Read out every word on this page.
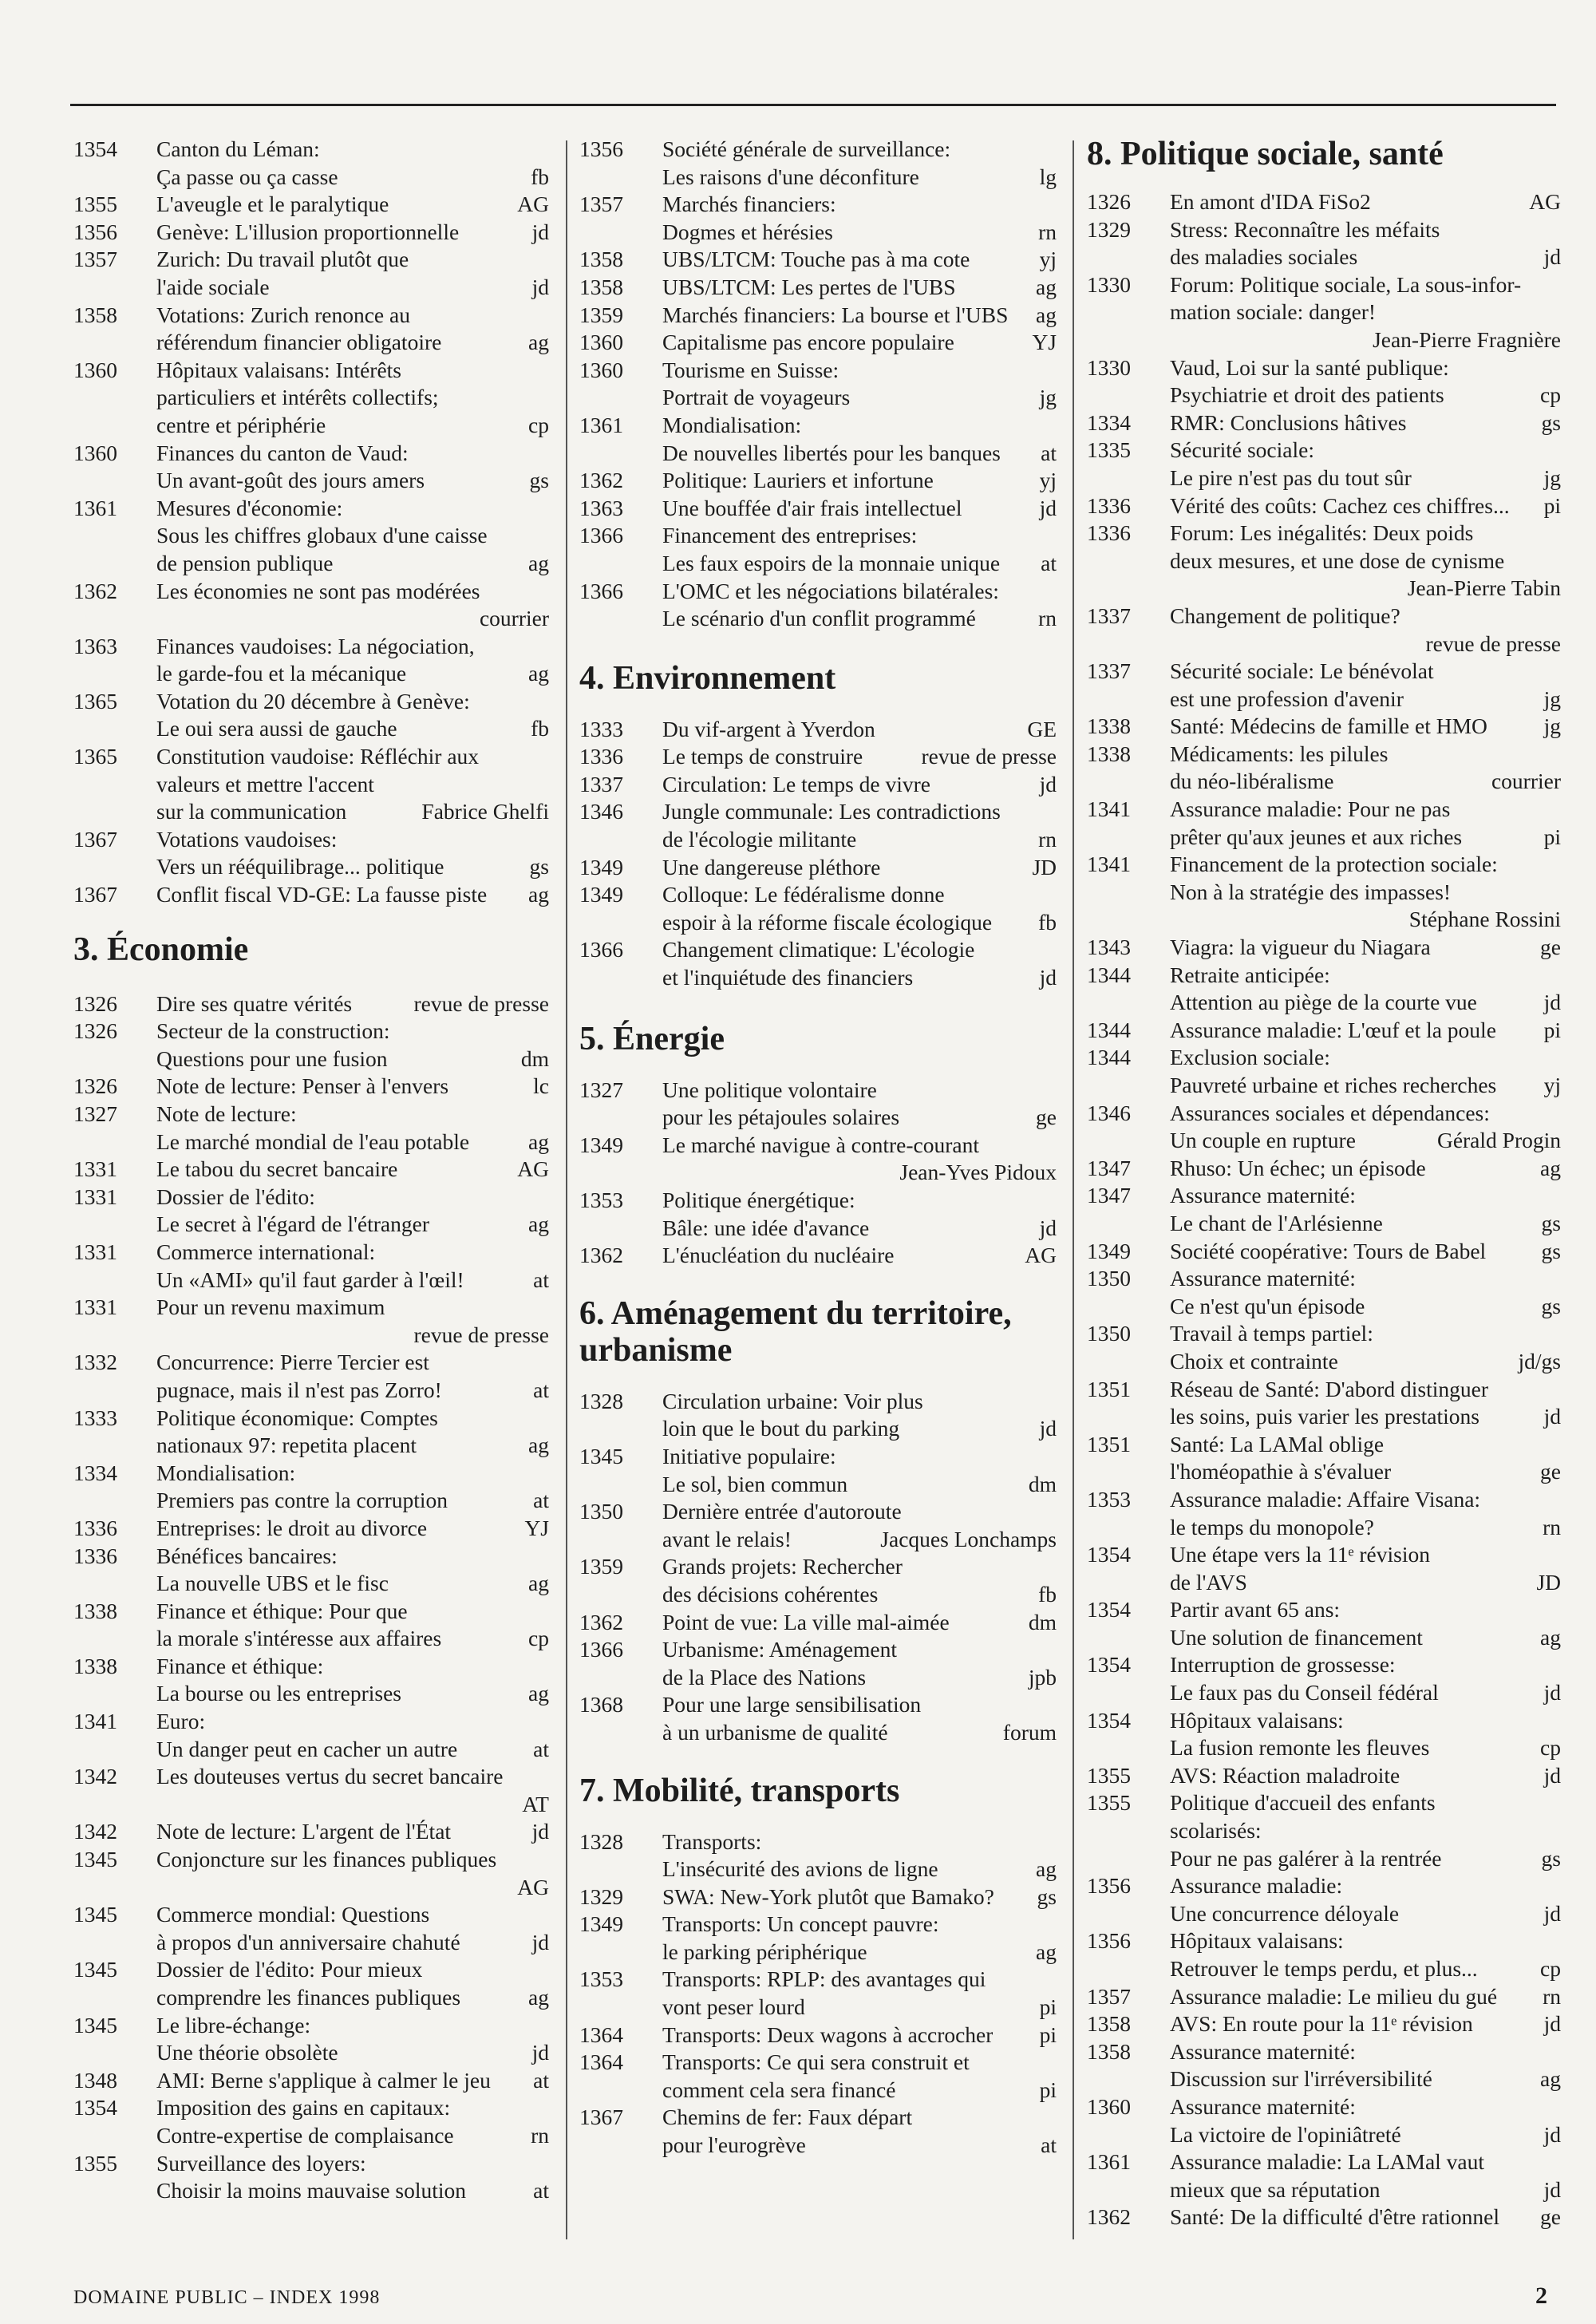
1354	Canton du Léman:
Ça passe ou ça casse	fb
1355	L'aveugle et le paralytique	AG
1356	Genève: L'illusion proportionnelle	jd
1357	Zurich: Du travail plutôt que
l'aide sociale	jd
1358	Votations: Zurich renonce au
référendum financier obligatoire	ag
1360	Hôpitaux valaisans: Intérêts
particuliers et intérêts collectifs;
centre et périphérie	cp
1360	Finances du canton de Vaud:
Un avant-goût des jours amers	gs
1361	Mesures d'économie:
Sous les chiffres globaux d'une caisse
de pension publique	ag
1362	Les économies ne sont pas modérées
courrier
1363	Finances vaudoises: La négociation,
le garde-fou et la mécanique	ag
1365	Votation du 20 décembre à Genève:
Le oui sera aussi de gauche	fb
1365	Constitution vaudoise: Réfléchir aux
valeurs et mettre l'accent
sur la communication	Fabrice Ghelfi
1367	Votations vaudoises:
Vers un rééquilibrage... politique	gs
1367	Conflit fiscal VD-GE: La fausse piste ag
3. Économie
1326	Dire ses quatre vérités	revue de presse
1326	Secteur de la construction:
Questions pour une fusion	dm
1326	Note de lecture: Penser à l'envers	lc
1327	Note de lecture:
Le marché mondial de l'eau potable	ag
1331	Le tabou du secret bancaire	AG
1331	Dossier de l'édito:
Le secret à l'égard de l'étranger	ag
1331	Commerce international:
Un «AMI» qu'il faut garder à l'œil!	at
1331	Pour un revenu maximum
revue de presse
1332	Concurrence: Pierre Tercier est
pugnace, mais il n'est pas Zorro!	at
1333	Politique économique: Comptes
nationaux 97: repetita placent	ag
1334	Mondialisation:
Premiers pas contre la corruption	at
1336	Entreprises: le droit au divorce	YJ
1336	Bénéfices bancaires:
La nouvelle UBS et le fisc	ag
1338	Finance et éthique: Pour que
la morale s'intéresse aux affaires	cp
1338	Finance et éthique:
La bourse ou les entreprises	ag
1341	Euro:
Un danger peut en cacher un autre	at
1342	Les douteuses vertus du secret bancaire
AT
1342	Note de lecture: L'argent de l'État	jd
1345	Conjoncture sur les finances publiques
AG
1345	Commerce mondial: Questions
à propos d'un anniversaire chahuté	jd
1345	Dossier de l'édito: Pour mieux
comprendre les finances publiques	ag
1345	Le libre-échange:
Une théorie obsolète	jd
1348	AMI: Berne s'applique à calmer le jeu at
1354	Imposition des gains en capitaux:
Contre-expertise de complaisance	rn
1355	Surveillance des loyers:
Choisir la moins mauvaise solution	at
1356	Société générale de surveillance:
Les raisons d'une déconfiture	lg
1357	Marchés financiers:
Dogmes et hérésies	rn
1358	UBS/LTCM: Touche pas à ma cote	yj
1358	UBS/LTCM: Les pertes de l'UBS	ag
1359	Marchés financiers: La bourse et l'UBS ag
1360	Capitalisme pas encore populaire	YJ
1360	Tourisme en Suisse:
Portrait de voyageurs	jg
1361	Mondialisation:
De nouvelles libertés pour les banques at
1362	Politique: Lauriers et infortune	yj
1363	Une bouffée d'air frais intellectuel	jd
1366	Financement des entreprises:
Les faux espoirs de la monnaie unique at
1366	L'OMC et les négociations bilatérales:
Le scénario d'un conflit programmé	rn
4. Environnement
1333	Du vif-argent à Yverdon	GE
1336	Le temps de construire	revue de presse
1337	Circulation: Le temps de vivre	jd
1346	Jungle communale: Les contradictions
de l'écologie militante	rn
1349	Une dangereuse pléthore	JD
1349	Colloque: Le fédéralisme donne
espoir à la réforme fiscale écologique fb
1366	Changement climatique: L'écologie
et l'inquiétude des financiers	jd
5. Énergie
1327	Une politique volontaire
pour les pétajoules solaires	ge
1349	Le marché navigue à contre-courant
Jean-Yves Pidoux
1353	Politique énergétique:
Bâle: une idée d'avance	jd
1362	L'énucléation du nucléaire	AG
6. Aménagement du territoire, urbanisme
1328	Circulation urbaine: Voir plus
loin que le bout du parking	jd
1345	Initiative populaire:
Le sol, bien commun	dm
1350	Dernière entrée d'autoroute
avant le relais!	Jacques Lonchamps
1359	Grands projets: Rechercher
des décisions cohérentes	fb
1362	Point de vue: La ville mal-aimée	dm
1366	Urbanisme: Aménagement
de la Place des Nations	jpb
1368	Pour une large sensibilisation
à un urbanisme de qualité	forum
7. Mobilité, transports
1328	Transports:
L'insécurité des avions de ligne	ag
1329	SWA: New-York plutôt que Bamako? gs
1349	Transports: Un concept pauvre:
le parking périphérique	ag
1353	Transports: RPLP: des avantages qui
vont peser lourd	pi
1364	Transports: Deux wagons à accrocher pi
1364	Transports: Ce qui sera construit et
comment cela sera financé	pi
1367	Chemins de fer: Faux départ
pour l'eurogrève	at
8. Politique sociale, santé
1326	En amont d'IDA FiSo2	AG
1329	Stress: Reconnaître les méfaits
des maladies sociales	jd
1330	Forum: Politique sociale, La sous-infor-
mation sociale: danger!
Jean-Pierre Fragnière
1330	Vaud, Loi sur la santé publique:
Psychiatrie et droit des patients	cp
1334	RMR: Conclusions hâtives	gs
1335	Sécurité sociale:
Le pire n'est pas du tout sûr	jg
1336	Vérité des coûts: Cachez ces chiffres... pi
1336	Forum: Les inégalités: Deux poids
deux mesures, et une dose de cynisme
Jean-Pierre Tabin
1337	Changement de politique?
revue de presse
1337	Sécurité sociale: Le bénévolat
est une profession d'avenir	jg
1338	Santé: Médecins de famille et HMO	jg
1338	Médicaments: les pilules
du néo-libéralisme	courrier
1341	Assurance maladie: Pour ne pas
prêter qu'aux jeunes et aux riches	pi
1341	Financement de la protection sociale:
Non à la stratégie des impasses!
Stéphane Rossini
1343	Viagra: la vigueur du Niagara	ge
1344	Retraite anticipée:
Attention au piège de la courte vue	jd
1344	Assurance maladie: L'œuf et la poule pi
1344	Exclusion sociale:
Pauvreté urbaine et riches recherches yj
1346	Assurances sociales et dépendances:
Un couple en rupture	Gérald Progin
1347	Rhuso: Un échec; un épisode	ag
1347	Assurance maternité:
Le chant de l'Arlésienne	gs
1349	Société coopérative: Tours de Babel	gs
1350	Assurance maternité:
Ce n'est qu'un épisode	gs
1350	Travail à temps partiel:
Choix et contrainte	jd/gs
1351	Réseau de Santé: D'abord distinguer
les soins, puis varier les prestations	jd
1351	Santé: La LAMal oblige
l'homéopathie à s'évaluer	ge
1353	Assurance maladie: Affaire Visana:
le temps du monopole?	rn
1354	Une étape vers la 11ᵉ révision
de l'AVS	JD
1354	Partir avant 65 ans:
Une solution de financement	ag
1354	Interruption de grossesse:
Le faux pas du Conseil fédéral	jd
1354	Hôpitaux valaisans:
La fusion remonte les fleuves	cp
1355	AVS: Réaction maladroite	jd
1355	Politique d'accueil des enfants
scolarisés:
Pour ne pas galérer à la rentrée	gs
1356	Assurance maladie:
Une concurrence déloyale	jd
1356	Hôpitaux valaisans:
Retrouver le temps perdu, et plus...	cp
1357	Assurance maladie: Le milieu du gué rn
1358	AVS: En route pour la 11ᵉ révision	jd
1358	Assurance maternité:
Discussion sur l'irréversibilité	ag
1360	Assurance maternité:
La victoire de l'opiniâtreté	jd
1361	Assurance maladie: La LAMal vaut
mieux que sa réputation	jd
1362	Santé: De la difficulté d'être rationnel ge
DOMAINE PUBLIC – INDEX 1998	2
